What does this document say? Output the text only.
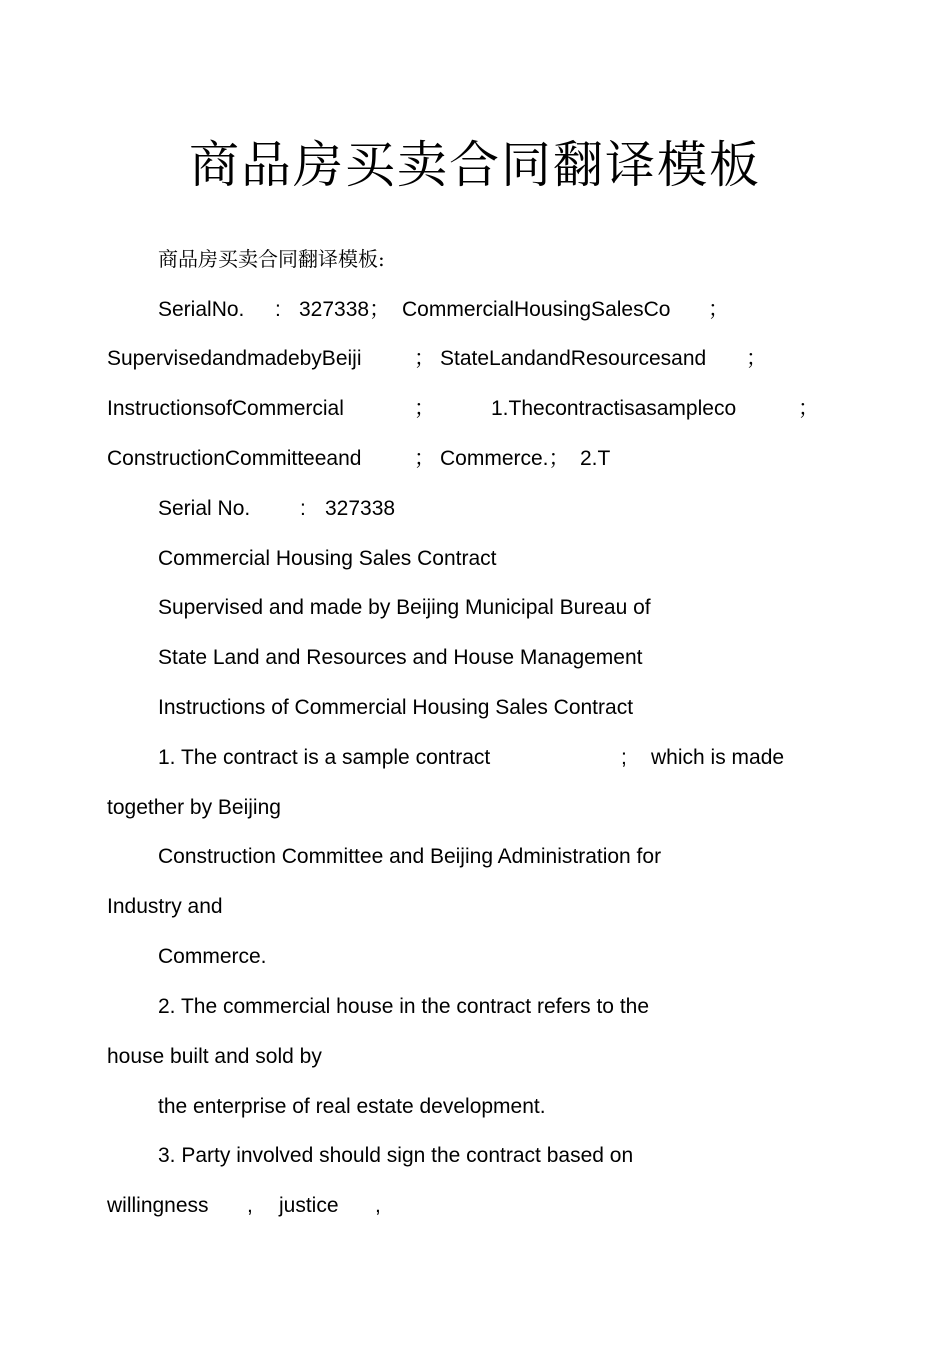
商品房买卖合同翻译模板
商品房买卖合同翻译模板:
SerialNo. : 327338； CommercialHousingSalesCo ；
SupervisedandmadebyBeiji	； StateLandandResourcesand ；
InstructionsofCommercial	；	1.Thecontractisasampleco	；
ConstructionCommitteeand	； Commerce.； 2.T
Serial No. : 327338
Commercial Housing Sales Contract
Supervised and made by Beijing Municipal Bureau of
State Land and Resources and House Management
Instructions of Commercial Housing Sales Contract
1. The contract is a sample contract	; which is made
together by Beijing
Construction Committee and Beijing Administration for
Industry and
Commerce.
2. The commercial house in the contract refers to the
house built and sold by
the enterprise of real estate development.
3. Party involved should sign the contract based on
willingness , justice ,
